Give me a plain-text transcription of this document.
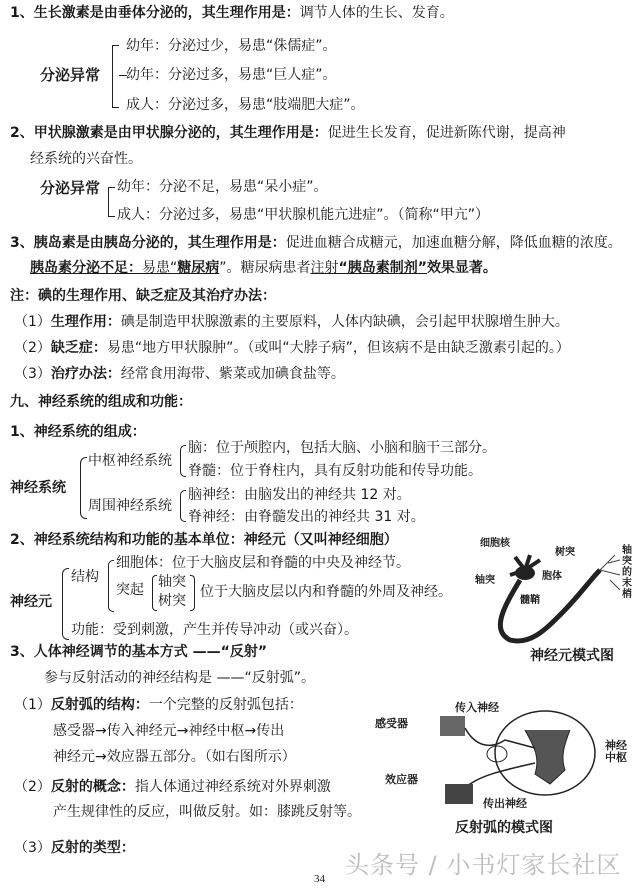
1、生长激素是由垂体分泌的，其生理作用是：调节人体的生长、发育。
分泌异常
幼年：分泌过少，易患“侏儒症”。
幼年：分泌过多，易患“巨人症”。
成人：分泌过多，易患“肢端肥大症”。
2、甲状腺激素是由甲状腺分泌的，其生理作用是：促进生长发育，促进新陈代谢，提高神
经系统的兴奋性。
分泌异常 幼年：分泌不足，易患“呆小症”。
成人：分泌过多，易患“甲状腺机能亢进症”。（简称“甲亢”）
3、胰岛素是由胰岛分泌的，其生理作用是：促进血糖合成糖元，加速血糖分解，降低血糖的浓度。
胰岛素分泌不足：易患“糖尿病”。糖尿病患者注射“胰岛素制剂”效果显著。
注：碘的生理作用、缺乏症及其治疗办法：
（1）生理作用：碘是制造甲状腺激素的主要原料，人体内缺碘，会引起甲状腺增生肿大。
（2）缺乏症：易患“地方甲状腺肿”。（或叫“大脖子病”，但该病不是由缺乏激素引起的。）
（3）治疗办法：经常食用海带、紫菜或加碘食盐等。
九、神经系统的组成和功能：
1、神经系统的组成：
神经系统
中枢神经系统
周围神经系统
脑：位于颅腔内，包括大脑、小脑和脑干三部分。
脊髓：位于脊柱内，具有反射功能和传导功能。
脑神经：由脑发出的神经共 12 对。
脊神经：由脊髓发出的神经共 31 对。
2、神经系统结构和功能的基本单位：神经元（又叫神经细胞）
神经元
结构
细胞体：位于大脑皮层和脊髓的中央及神经节。
突起 轴突
树突
位于大脑皮层以内和脊髓的外周及神经。
功能：受到刺激，产生并传导冲动（或兴奋）。
3、人体神经调节的基本方式 ——“反射”
参与反射活动的神经结构是 ——“反射弧”。
（1）反射弧的结构：一个完整的反射弧包括：
感受器→传入神经元→神经中枢→传出
神经元→效应器五部分。（如右图所示）
（2）反射的概念：指人体通过神经系统对外界刺激
产生规律性的反应，叫做反射。如：膝跳反射等。
（3）反射的类型：
细胞核
树突
胞体
轴突
髓鞘
轴突的末梢
神经元模式图
传入神经
感受器
神经中枢
效应器
传出神经
反射弧的模式图
34 头条号 / 小书灯家长社区
